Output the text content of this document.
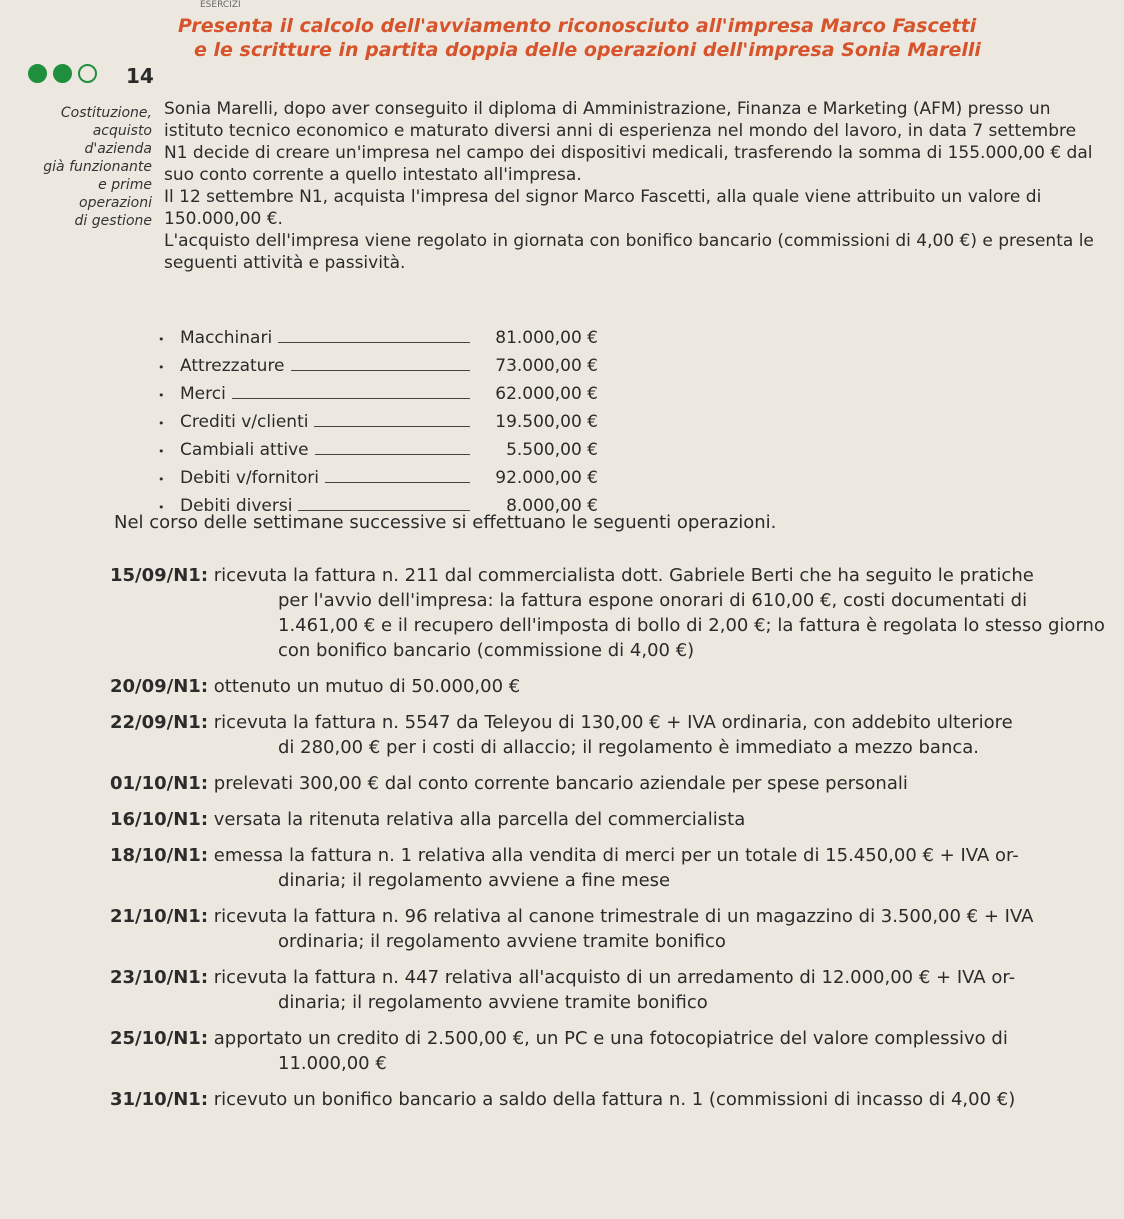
ESERCIZI
14
Presenta il calcolo dell'avviamento riconosciuto all'impresa Marco Fascetti
e le scritture in partita doppia delle operazioni dell'impresa Sonia Marelli
Costituzione,
acquisto
d'azienda
già funzionante
e prime
operazioni
di gestione

Sonia Marelli, dopo aver conseguito il diploma di Amministrazione, Finanza e Marketing (AFM) presso un istituto tecnico economico e maturato diversi anni di esperienza nel mondo del lavoro, in data 7 settembre N1 decide di creare un'impresa nel campo dei dispositivi medicali, trasferendo la somma di 155.000,00 € dal suo conto corrente a quello intestato all'impresa.

Il 12 settembre N1, acquista l'impresa del signor Marco Fascetti, alla quale viene attribuito un valore di 150.000,00 €.

L'acquisto dell'impresa viene regolato in giornata con bonifico bancario (commissioni di 4,00 €) e presenta le seguenti attività e passività.

• Macchinari	81.000,00 €
• Attrezzature	73.000,00 €
• Merci	62.000,00 €
• Crediti v/clienti	19.500,00 €
• Cambiali attive	5.500,00 €
• Debiti v/fornitori	92.000,00 €
• Debiti diversi	8.000,00 €
Nel corso delle settimane successive si effettuano le seguenti operazioni.
15/09/N1: ricevuta la fattura n. 211 dal commercialista dott. Gabriele Berti che ha seguito le pratiche
per l'avvio dell'impresa: la fattura espone onorari di 610,00 €, costi documentati di 1.461,00 € e il recupero dell'imposta di bollo di 2,00 €; la fattura è regolata lo stesso giorno con bonifico bancario (commissione di 4,00 €)
20/09/N1: ottenuto un mutuo di 50.000,00 €
22/09/N1: ricevuta la fattura n. 5547 da Teleyou di 130,00 € + IVA ordinaria, con addebito ulteriore
di 280,00 € per i costi di allaccio; il regolamento è immediato a mezzo banca.
01/10/N1: prelevati 300,00 € dal conto corrente bancario aziendale per spese personali
16/10/N1: versata la ritenuta relativa alla parcella del commercialista
18/10/N1: emessa la fattura n. 1 relativa alla vendita di merci per un totale di 15.450,00 € + IVA or-
dinaria; il regolamento avviene a fine mese
21/10/N1: ricevuta la fattura n. 96 relativa al canone trimestrale di un magazzino di 3.500,00 € + IVA
ordinaria; il regolamento avviene tramite bonifico
23/10/N1: ricevuta la fattura n. 447 relativa all'acquisto di un arredamento di 12.000,00 € + IVA or-
dinaria; il regolamento avviene tramite bonifico
25/10/N1: apportato un credito di 2.500,00 €, un PC e una fotocopiatrice del valore complessivo di
11.000,00 €
31/10/N1: ricevuto un bonifico bancario a saldo della fattura n. 1 (commissioni di incasso di 4,00 €)
